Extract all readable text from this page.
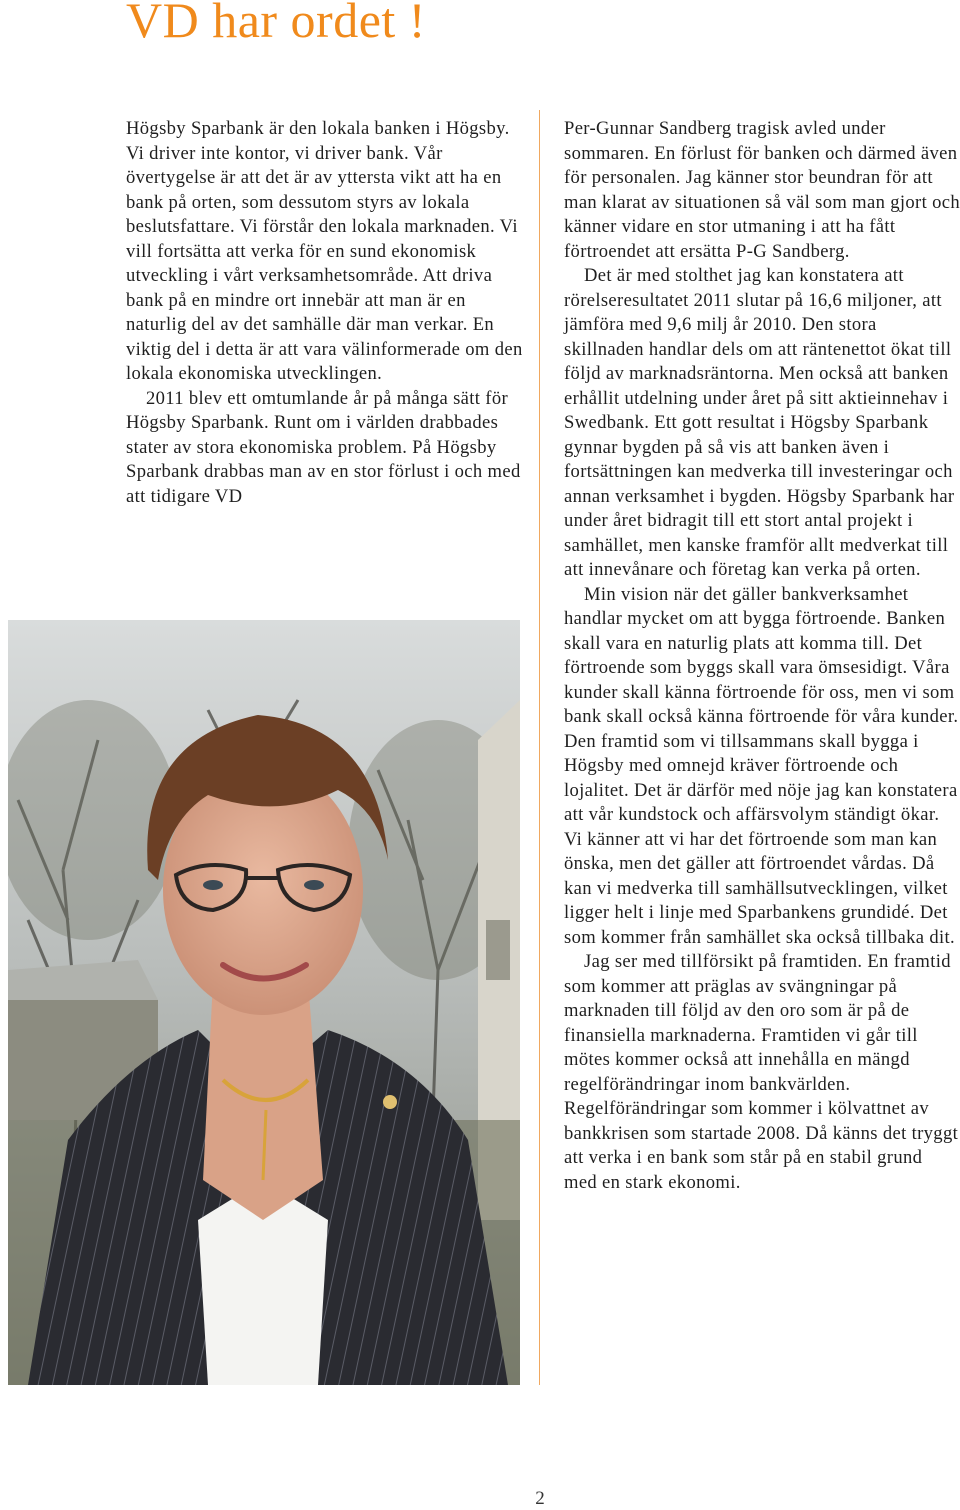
VD har ordet !

Högsby Sparbank är den lokala banken i Högsby. Vi driver inte kontor, vi driver bank. Vår övertygelse är att det är av yttersta vikt att ha en bank på orten, som dessutom styrs av lokala beslutsfattare. Vi förstår den lokala marknaden. Vi vill fortsätta att verka för en sund ekonomisk utveckling i vårt verksamhetsområde. Att driva bank på en mindre ort innebär att man är en naturlig del av det samhälle där man verkar. En viktig del i detta är att vara välinformerade om den lokala ekonomiska utvecklingen.

2011 blev ett omtumlande år på många sätt för Högsby Sparbank. Runt om i världen drabbades stater av stora ekonomiska problem. På Högsby Sparbank drabbas man av en stor förlust i och med att tidigare VD

Per-Gunnar Sandberg tragisk avled under sommaren. En förlust för banken och därmed även för personalen. Jag känner stor beundran för att man klarat av situationen så väl som man gjort och känner vidare en stor utmaning i att ha fått förtroendet att ersätta P-G Sandberg.

Det är med stolthet jag kan konstatera att rörelseresultatet 2011 slutar på 16,6 miljoner, att jämföra med 9,6 milj år 2010. Den stora skillnaden handlar dels om att räntenettot ökat till följd av marknadsräntorna. Men också att banken erhållit utdelning under året på sitt aktieinnehav i Swedbank. Ett gott resultat i Högsby Sparbank gynnar bygden på så vis att banken även i fortsättningen kan medverka till investeringar och annan verksamhet i bygden. Högsby Sparbank har under året bidragit till ett stort antal projekt i samhället, men kanske framför allt medverkat till att innevånare och företag kan verka på orten.

Min vision när det gäller bankverksamhet handlar mycket om att bygga förtroende. Banken skall vara en naturlig plats att komma till. Det förtroende som byggs skall vara ömsesidigt. Våra kunder skall känna förtroende för oss, men vi som bank skall också känna förtroende för våra kunder. Den framtid som vi tillsammans skall bygga i Högsby med omnejd kräver förtroende och lojalitet. Det är därför med nöje jag kan konstatera att vår kundstock och affärsvolym ständigt ökar. Vi känner att vi har det förtroende som man kan önska, men det gäller att förtroendet vårdas. Då kan vi medverka till samhällsutvecklingen, vilket ligger helt i linje med Sparbankens grundidé. Det som kommer från samhället ska också tillbaka dit.

Jag ser med tillförsikt på framtiden. En framtid som kommer att präglas av svängningar på marknaden till följd av den oro som är på de finansiella marknaderna. Framtiden vi går till mötes kommer också att innehålla en mängd regelförändringar inom bankvärlden. Regelförändringar som kommer i kölvattnet av bankkrisen som startade 2008. Då känns det tryggt att verka i en bank som står på en stabil grund med en stark ekonomi.

2
